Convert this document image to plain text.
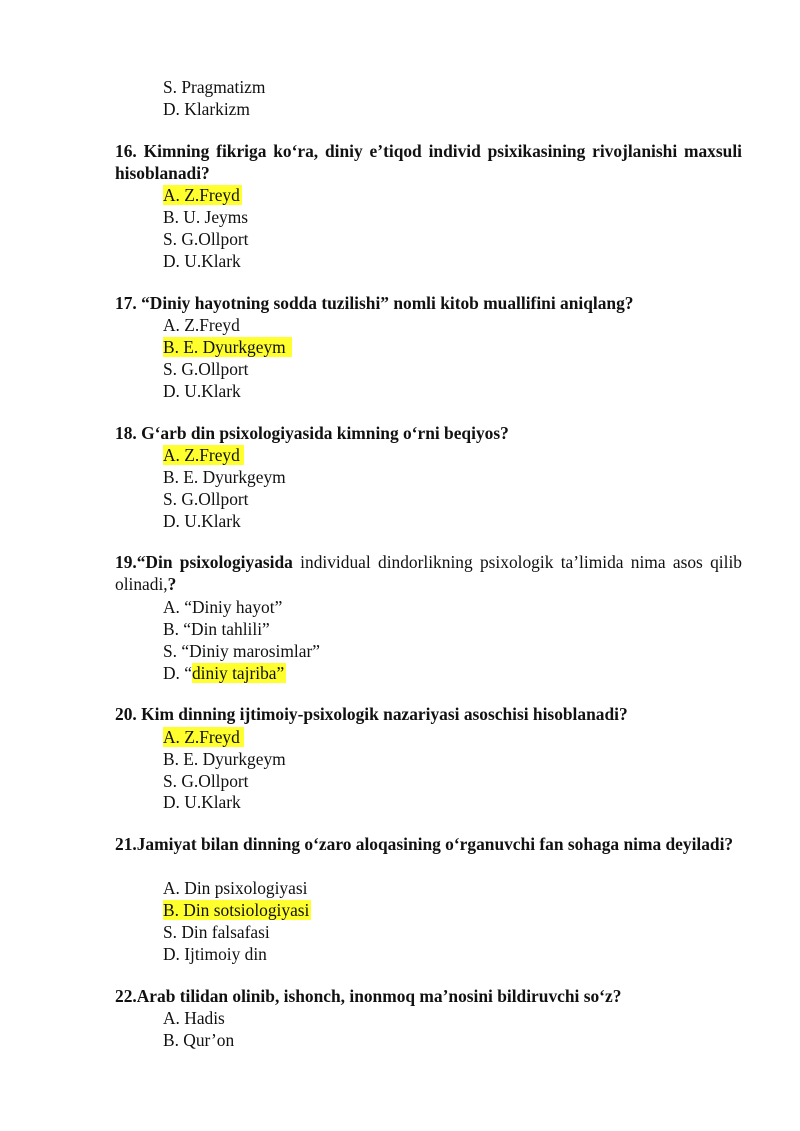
S. Pragmatizm
D. Klarkizm
16. Kimning fikriga ko‘ra, diniy e’tiqod individ psixikasining rivojlanishi maxsuli hisoblanadi?
A. Z.Freyd
B. U. Jeyms
S. G.Ollport
D. U.Klark
17. “Diniy hayotning sodda tuzilishi” nomli kitob muallifini aniqlang?
A. Z.Freyd
B. E. Dyurkgeym
S. G.Ollport
D. U.Klark
18. G‘arb din psixologiyasida kimning o‘rni beqiyos?
A. Z.Freyd
B. E. Dyurkgeym
S. G.Ollport
D. U.Klark
19.“Din psixologiyasida individual dindorlikning psixologik ta’limida nima asos qilib olinadi,?
A. “Diniy hayot”
B. “Din tahlili”
S. “Diniy marosimlar”
D. “diniy tajriba”
20. Kim dinning ijtimoiy-psixologik nazariyasi asoschisi hisoblanadi?
A. Z.Freyd
B. E. Dyurkgeym
S. G.Ollport
D. U.Klark
21.Jamiyat bilan dinning o‘zaro aloqasining o‘rganuvchi fan sohaga nima deyiladi?
A. Din psixologiyasi
B. Din sotsiologiyasi
S. Din falsafasi
D. Ijtimoiy din
22.Arab tilidan olinib, ishonch, inonmoq ma’nosini bildiruvchi so‘z?
A. Hadis
B. Qur’on
